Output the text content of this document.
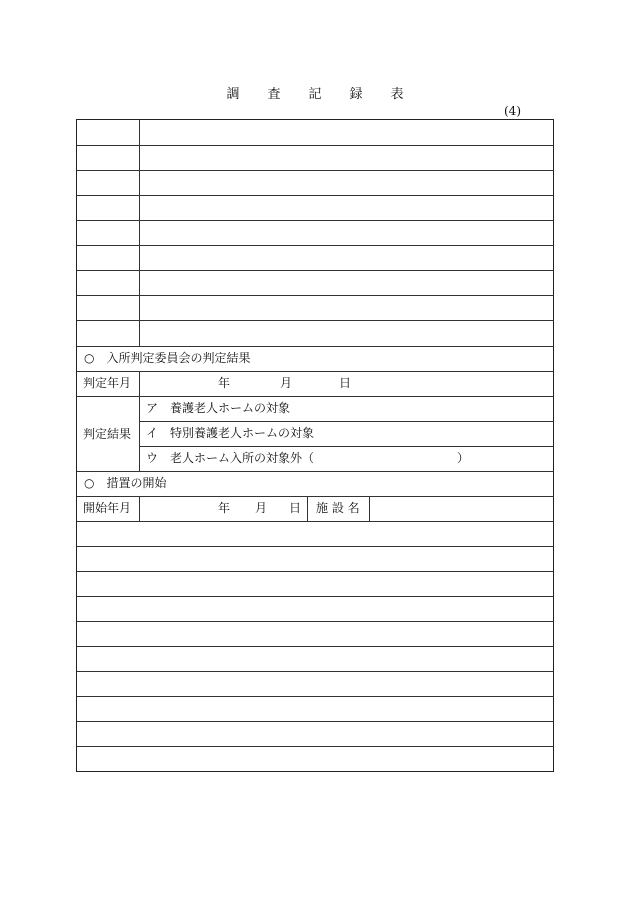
調 査 記 録 表
(4)
○　入所判定委員会の判定結果
判定年月	年	月	日
判定結果
ア　養護老人ホームの対象
イ　特別養護老人ホームの対象
ウ　老人ホーム入所の対象外（	）
○　措置の開始
開始年月	年 月 日 施 設 名
